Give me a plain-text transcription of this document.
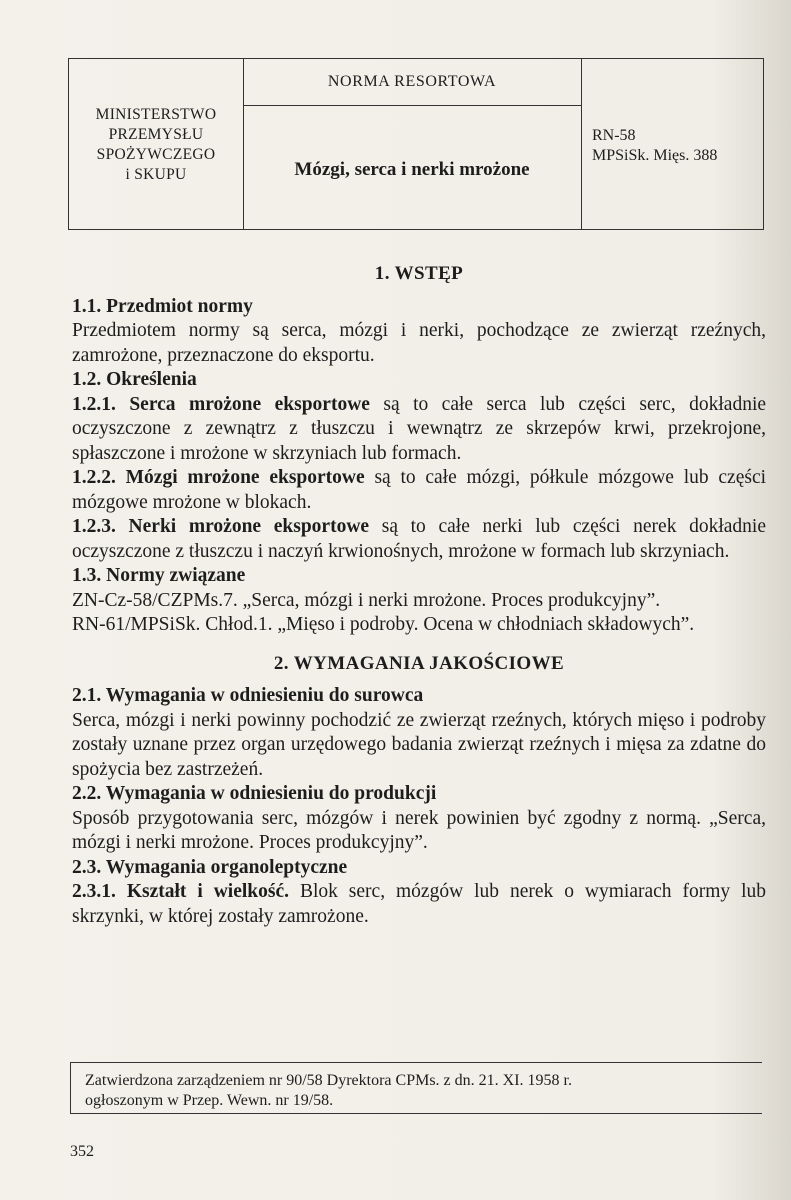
MINISTERSTWO
PRZEMYSŁU
SPOŻYWCZEGO
i SKUPU
NORMA RESORTOWA
Mózgi, serca i nerki mrożone
RN-58
MPSiSk. Mięs. 388
1. WSTĘP

1.1. Przedmiot normy

Przedmiotem normy są serca, mózgi i nerki, pochodzące ze zwierząt rzeźnych, zamrożone, przeznaczone do eksportu.

1.2. Określenia

1.2.1. Serca mrożone eksportowe są to całe serca lub części serc, dokładnie oczyszczone z zewnątrz z tłuszczu i wewnątrz ze skrzepów krwi, przekrojone, spłaszczone i mrożone w skrzyniach lub formach.

1.2.2. Mózgi mrożone eksportowe są to całe mózgi, półkule mózgowe lub części mózgowe mrożone w blokach.

1.2.3. Nerki mrożone eksportowe są to całe nerki lub części nerek dokładnie oczyszczone z tłuszczu i naczyń krwionośnych, mrożone w formach lub skrzyniach.

1.3. Normy związane

ZN-Cz-58/CZPMs.7. „Serca, mózgi i nerki mrożone. Proces produkcyjny”.

RN-61/MPSiSk. Chłod.1. „Mięso i podroby. Ocena w chłodniach składowych”.

2. WYMAGANIA JAKOŚCIOWE

2.1. Wymagania w odniesieniu do surowca

Serca, mózgi i nerki powinny pochodzić ze zwierząt rzeźnych, których mięso i podroby zostały uznane przez organ urzędowego badania zwierząt rzeźnych i mięsa za zdatne do spożycia bez zastrzeżeń.

2.2. Wymagania w odniesieniu do produkcji

Sposób przygotowania serc, mózgów i nerek powinien być zgodny z normą. „Serca, mózgi i nerki mrożone. Proces produkcyjny”.

2.3. Wymagania organoleptyczne

2.3.1. Kształt i wielkość. Blok serc, mózgów lub nerek o wymiarach formy lub skrzynki, w której zostały zamrożone.

Zatwierdzona zarządzeniem nr 90/58 Dyrektora CPMs. z dn. 21. XI. 1958 r.
ogłoszonym w Przep. Wewn. nr 19/58.
352
